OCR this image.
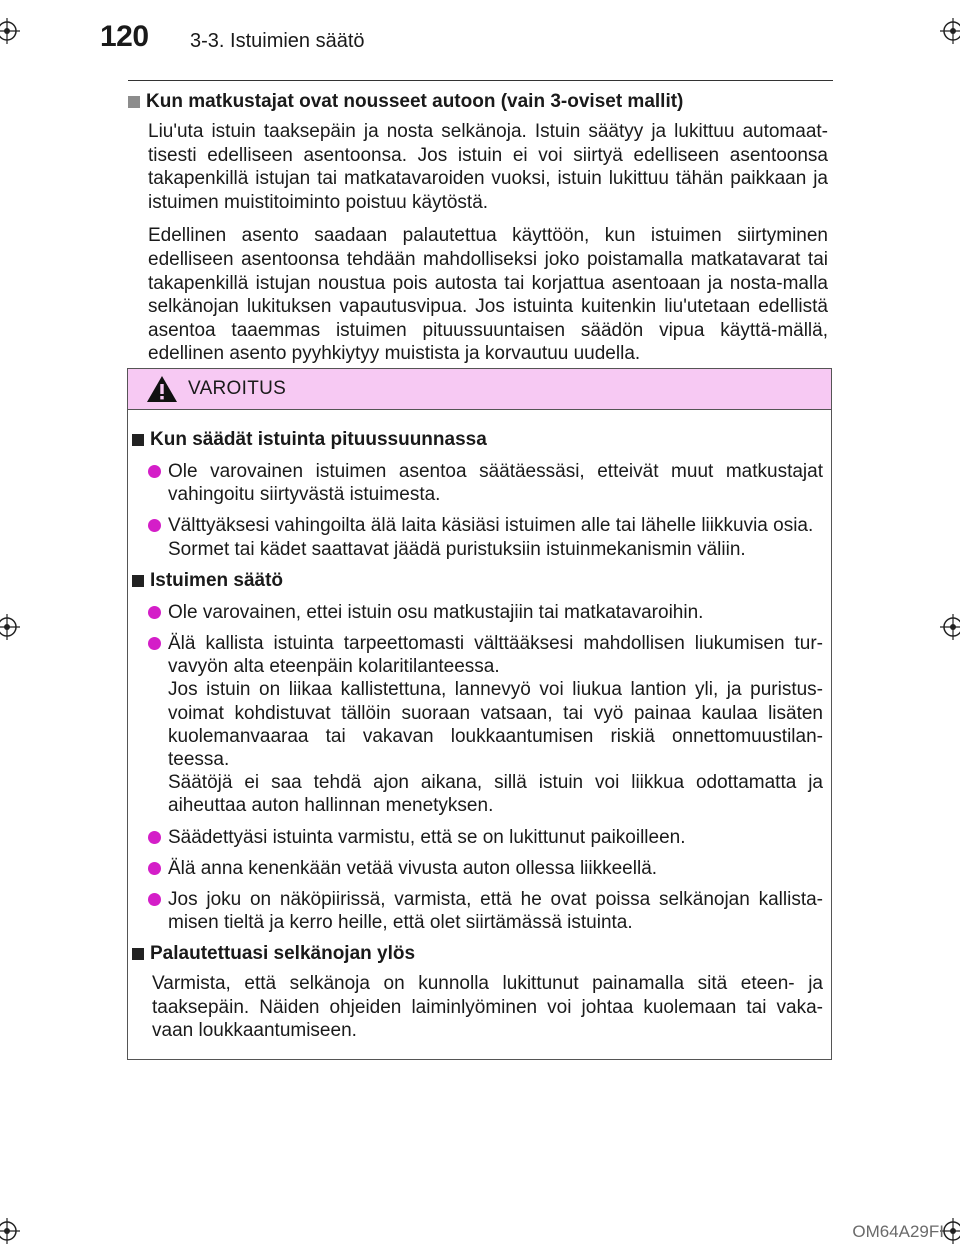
120 3-3. Istuimien säätö
Kun matkustajat ovat nousseet autoon (vain 3-oviset mallit)

Liu'uta istuin taaksepäin ja nosta selkänoja. Istuin säätyy ja lukittuu automaat-tisesti edelliseen asentoonsa. Jos istuin ei voi siirtyä edelliseen asentoonsa takapenkillä istujan tai matkatavaroiden vuoksi, istuin lukittuu tähän paikkaan ja istuimen muistitoiminto poistuu käytöstä.

Edellinen asento saadaan palautettua käyttöön, kun istuimen siirtyminen edelliseen asentoonsa tehdään mahdolliseksi joko poistamalla matkatavarat tai takapenkillä istujan noustua pois autosta tai korjattua asentoaan ja nosta-malla selkänojan lukituksen vapautusvipua. Jos istuinta kuitenkin liu'utetaan edellistä asentoa taaemmas istuimen pituussuuntaisen säädön vipua käyttä-mällä, edellinen asento pyyhkiytyy muistista ja korvautuu uudella.

VAROITUS
Kun säädät istuinta pituussuunnassa
Ole varovainen istuimen asentoa säätäessäsi, etteivät muut matkustajat vahingoitu siirtyvästä istuimesta.
Välttyäksesi vahingoilta älä laita käsiäsi istuimen alle tai lähelle liikkuvia osia.
Sormet tai kädet saattavat jäädä puristuksiin istuinmekanismin väliin.
Istuimen säätö
Ole varovainen, ettei istuin osu matkustajiin tai matkatavaroihin.
Älä kallista istuinta tarpeettomasti välttääksesi mahdollisen liukumisen tur-vavyön alta eteenpäin kolaritilanteessa.
Jos istuin on liikaa kallistettuna, lannevyö voi liukua lantion yli, ja puristus-voimat kohdistuvat tällöin suoraan vatsaan, tai vyö painaa kaulaa lisäten kuolemanvaaraa tai vakavan loukkaantumisen riskiä onnettomuustilan-teessa.
Säätöjä ei saa tehdä ajon aikana, sillä istuin voi liikkua odottamatta ja aiheuttaa auton hallinnan menetyksen.
Säädettyäsi istuinta varmistu, että se on lukittunut paikoilleen.
Älä anna kenenkään vetää vivusta auton ollessa liikkeellä.
Jos joku on näköpiirissä, varmista, että he ovat poissa selkänojan kallista-misen tieltä ja kerro heille, että olet siirtämässä istuinta.
Palautettuasi selkänojan ylös

Varmista, että selkänoja on kunnolla lukittunut painamalla sitä eteen- ja taaksepäin. Näiden ohjeiden laiminlyöminen voi johtaa kuolemaan tai vaka-vaan loukkaantumiseen.

OM64A29FI
